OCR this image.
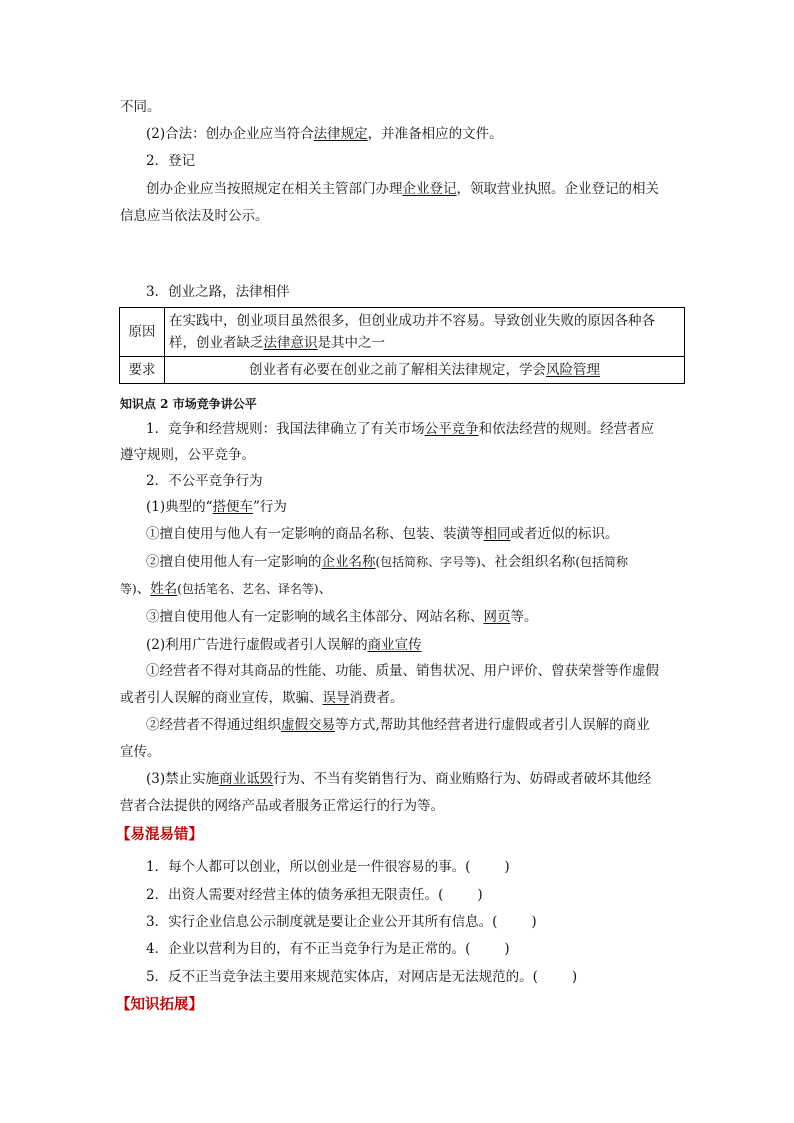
不同。
(2)合法：创办企业应当符合法律规定，并准备相应的文件。
2．登记
创办企业应当按照规定在相关主管部门办理企业登记，领取营业执照。企业登记的相关
信息应当依法及时公示。
3．创业之路，法律相伴
原因	在实践中，创业项目虽然很多，但创业成功并不容易。导致创业失败的原因各种各
样，创业者缺乏法律意识是其中之一
要求	创业者有必要在创业之前了解相关法律规定，学会风险管理
知识点 2 市场竞争讲公平
1．竞争和经营规则：我国法律确立了有关市场公平竞争和依法经营的规则。经营者应
遵守规则，公平竞争。
2．不公平竞争行为
(1)典型的“搭便车”行为
①擅自使用与他人有一定影响的商品名称、包装、装潢等相同或者近似的标识。
②擅自使用他人有一定影响的企业名称(包括简称、字号等)、社会组织名称(包括简称
等)、姓名(包括笔名、艺名、译名等)、
③擅自使用他人有一定影响的域名主体部分、网站名称、网页等。
(2)利用广告进行虚假或者引人误解的商业宣传
①经营者不得对其商品的性能、功能、质量、销售状况、用户评价、曾获荣誉等作虚假
或者引人误解的商业宣传，欺骗、误导消费者。
②经营者不得通过组织虚假交易等方式,帮助其他经营者进行虚假或者引人误解的商业
宣传。
(3)禁止实施商业诋毁行为、不当有奖销售行为、商业贿赂行为、妨碍或者破坏其他经
营者合法提供的网络产品或者服务正常运行的行为等。
【易混易错】
1．每个人都可以创业，所以创业是一件很容易的事。(	)
2．出资人需要对经营主体的债务承担无限责任。(	)
3．实行企业信息公示制度就是要让企业公开其所有信息。(	)
4．企业以营利为目的，有不正当竞争行为是正常的。(	)
5．反不正当竞争法主要用来规范实体店，对网店是无法规范的。(	)
【知识拓展】
